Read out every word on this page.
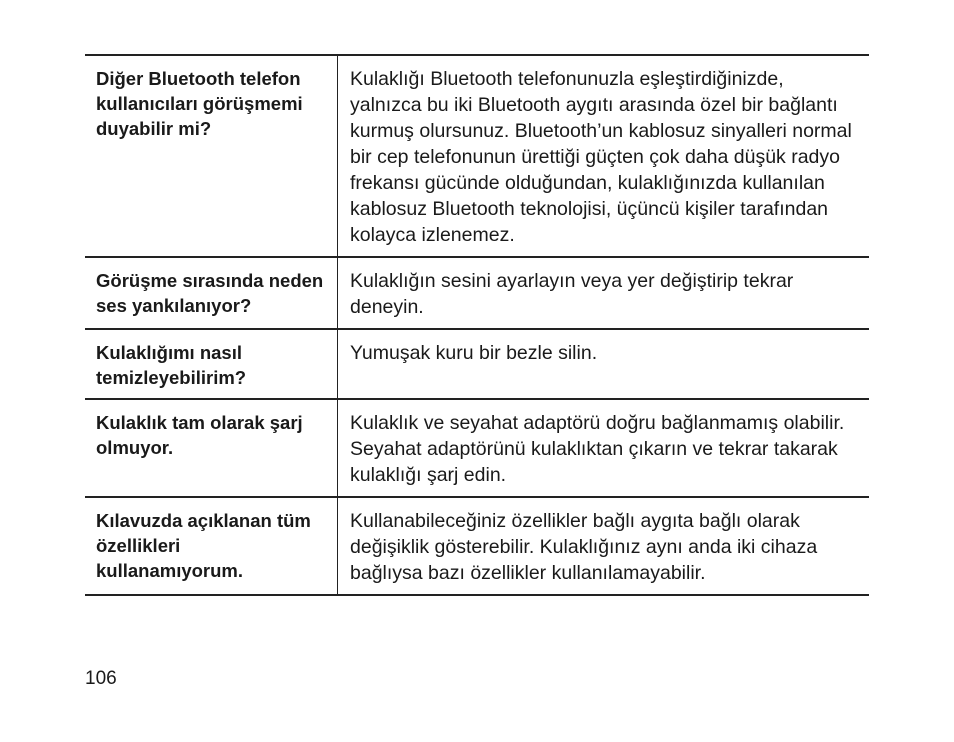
Diğer Bluetooth telefon kullanıcıları görüşmemi duyabilir mi?
Kulaklığı Bluetooth telefonunuzla eşleştirdiğinizde, yalnızca bu iki Bluetooth aygıtı arasında özel bir bağlantı kurmuş olursunuz. Bluetooth’un kablosuz sinyalleri normal bir cep telefonunun ürettiği güçten çok daha düşük radyo frekansı gücünde olduğundan, kulaklığınızda kullanılan kablosuz Bluetooth teknolojisi, üçüncü kişiler tarafından kolayca izlenemez.
Görüşme sırasında neden ses yankılanıyor?
Kulaklığın sesini ayarlayın veya yer değiştirip tekrar deneyin.
Kulaklığımı nasıl temizleyebilirim?
Yumuşak kuru bir bezle silin.
Kulaklık tam olarak şarj olmuyor.
Kulaklık ve seyahat adaptörü doğru bağlanmamış olabilir.
Seyahat adaptörünü kulaklıktan çıkarın ve tekrar takarak kulaklığı şarj edin.
Kılavuzda açıklanan tüm özellikleri kullanamıyorum.
Kullanabileceğiniz özellikler bağlı aygıta bağlı olarak değişiklik gösterebilir. Kulaklığınız aynı anda iki cihaza bağlıysa bazı özellikler kullanılamayabilir.
106
